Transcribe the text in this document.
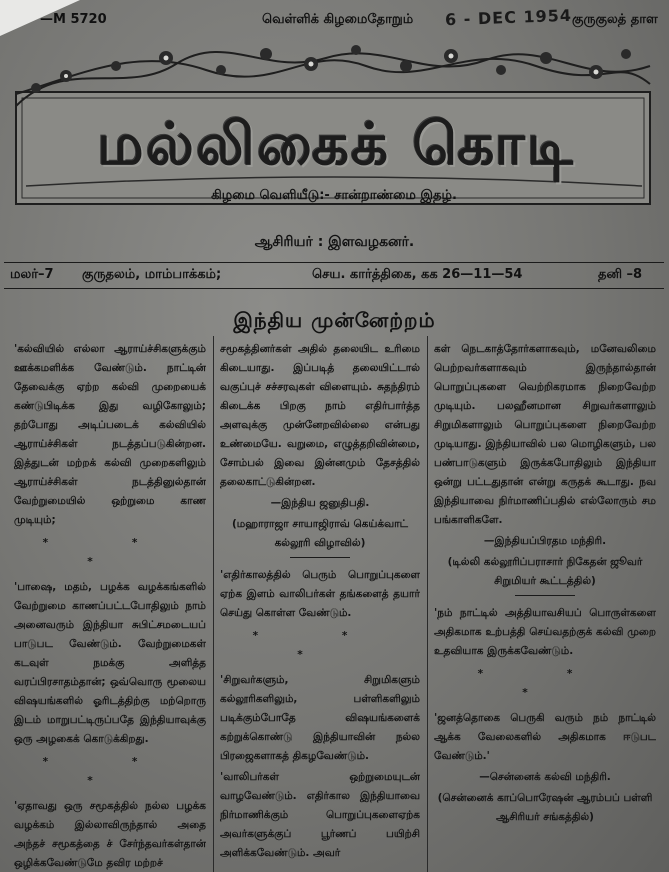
—M 5720	வெள்ளிக் கிழமைதோறும்	குருகுலத் தாள
6 - DEC 1954
மல்லிகைக் கொடி
கிழமை வெளியீடு:- சான்றாண்மை இதழ்.
ஆசிரியர் : இளவழகனர்.
மலர்–7 குருதலம், மாம்பாக்கம்;	செய. கார்த்திகை, கக 26—11—54	தனி –8
இந்திய முன்னேற்றம்

'கல்வியில் எல்லா ஆராய்ச்சிகளுக்கும் ஊக்கமளிக்க வேண்டும். நாட்டின் தேவைக்கு ஏற்ற கல்வி முறையைக் கண்டுபிடிக்க இது வழிகோலும்; தற்போது அடிப்படைக் கல்வியில் ஆராய்ச்சிகள் நடத்தப்படுகின்றன. இத்துடன் மற்றக் கல்வி முறைகளிலும் ஆராய்ச்சிகள் நடத்தினுல்தான் வேற்றுமையில் ஒற்றுமை காண முடியும்;

* * *

'பாஷை, மதம், பழக்க வழக்கங்களில் வேற்றுமை காணப்பட்டபோதிலும் நாம் அனைவரும் இந்தியா சுபிட்சமடையப் பாடுபட வேண்டும். வேற்றுமைகள் கடவுள் நமக்கு அளித்த வரப்பிரசாதம்தான்; ஒவ்வொரு மூலைய விஷயங்களில் ஓரிடத்திற்கு மற்றொரு இடம் மாறுபட்டிருப்பதே இந்தியாவுக்கு ஒரு அழகைக் கொடுக்கிறது.

* * *

'ஏதாவது ஒரு சமூகத்தில் நல்ல பழக்க வழக்கம் இல்லாவிருந்தால் அதை அந்தச் சமூகத்தை ச் சேர்ந்தவர்கள்தான் ஒழிக்கவேண்டுமே தவிர மற்றச்

சமூகத்தினர்கள் அதில் தலையிட உரிமை கிடையாது. இப்படித் தலையிட்டால் வகுப்புச் சச்சரவுகள் விளையும். சுதந்திரம் கிடைக்க பிறகு நாம் எதிர்பார்த்த அளவுக்கு முன்னேறவில்லை என்பது உண்மையே. வறுமை, எழுத்தறிவின்மை, சோம்பல் இவை இன்னமும் தேசத்தில் தலைகாட்டுகின்றன.

—இந்திய ஜனுதிபதி.
(மஹாராஜா சாயாஜிராவ் கெய்க்வாட் கல்லூரி விழாவில்)

'எதிர்காலத்தில் பெரும் பொறுப்புகளை ஏற்க இளம் வாலிபர்கள் தங்களைத் தயார் செய்து கொள்ள வேண்டும்.

* * *

'சிறுவர்களும், சிறுமிகளும் கல்லூரிகளிலும், பள்ளிகளிலும் படிக்கும்போதே விஷயங்களைக் கற்றுக்கொண்டு இந்தியாவின் நல்ல பிரஜைகளாகத் திகழவேண்டும்.

'வாலிபர்கள் ஒற்றுமையுடன் வாழவேண்டும். எதிர்கால இந்தியாவை நிர்மாணிக்கும் பொறுப்புகளைஏற்க அவர்களுக்குப் பூர்ணப் பயிற்சி அளிக்கவேண்டும். அவர்

கள் நெடகாத்தோர்களாகவும், மனேவலிமை பெற்றவர்களாகவும் இருந்தால்தான் பொறுப்புகளை வெற்றிகரமாக நிறைவேற்ற முடியும். பலஹீனமான சிறுவர்களாலும் சிறுமிகளாலும் பொறுப்புகளை நிறைவேற்ற முடியாது. இந்தியாவில் பல மொழிகளும், பல பண்பாடுகளும் இருக்கபோதிலும் இந்தியா ஒன்று பட்டதுதான் என்று கருதக் கூடாது. நவ இந்தியாவை நிர்மாணிப்பதில் எல்லோரும் சம பங்காளிகளே.

—இந்தியப்பிரதம மந்திரி.
(டில்லி கல்லூரிப்பராசார் நிகேதன் ஜூவர் சிறுமியர் கூட்டத்தில்)

'நம் நாட்டில் அத்தியாவசியப் பொருள்களை அதிகமாக உற்பத்தி செய்வதற்குக் கல்வி முறை உதவியாக இருக்கவேண்டும்.

* * *

'ஜனத்தொகை பெருகி வரும் நம் நாட்டில் ஆக்க வேலைகளில் அதிகமாக ஈடுபட வேண்டும்.'

—சென்னைக் கல்வி மந்திரி.
(சென்னைக் காப்பொரேஷன் ஆரம்பப் பள்ளி ஆசிரியர் சங்கத்தில்)
